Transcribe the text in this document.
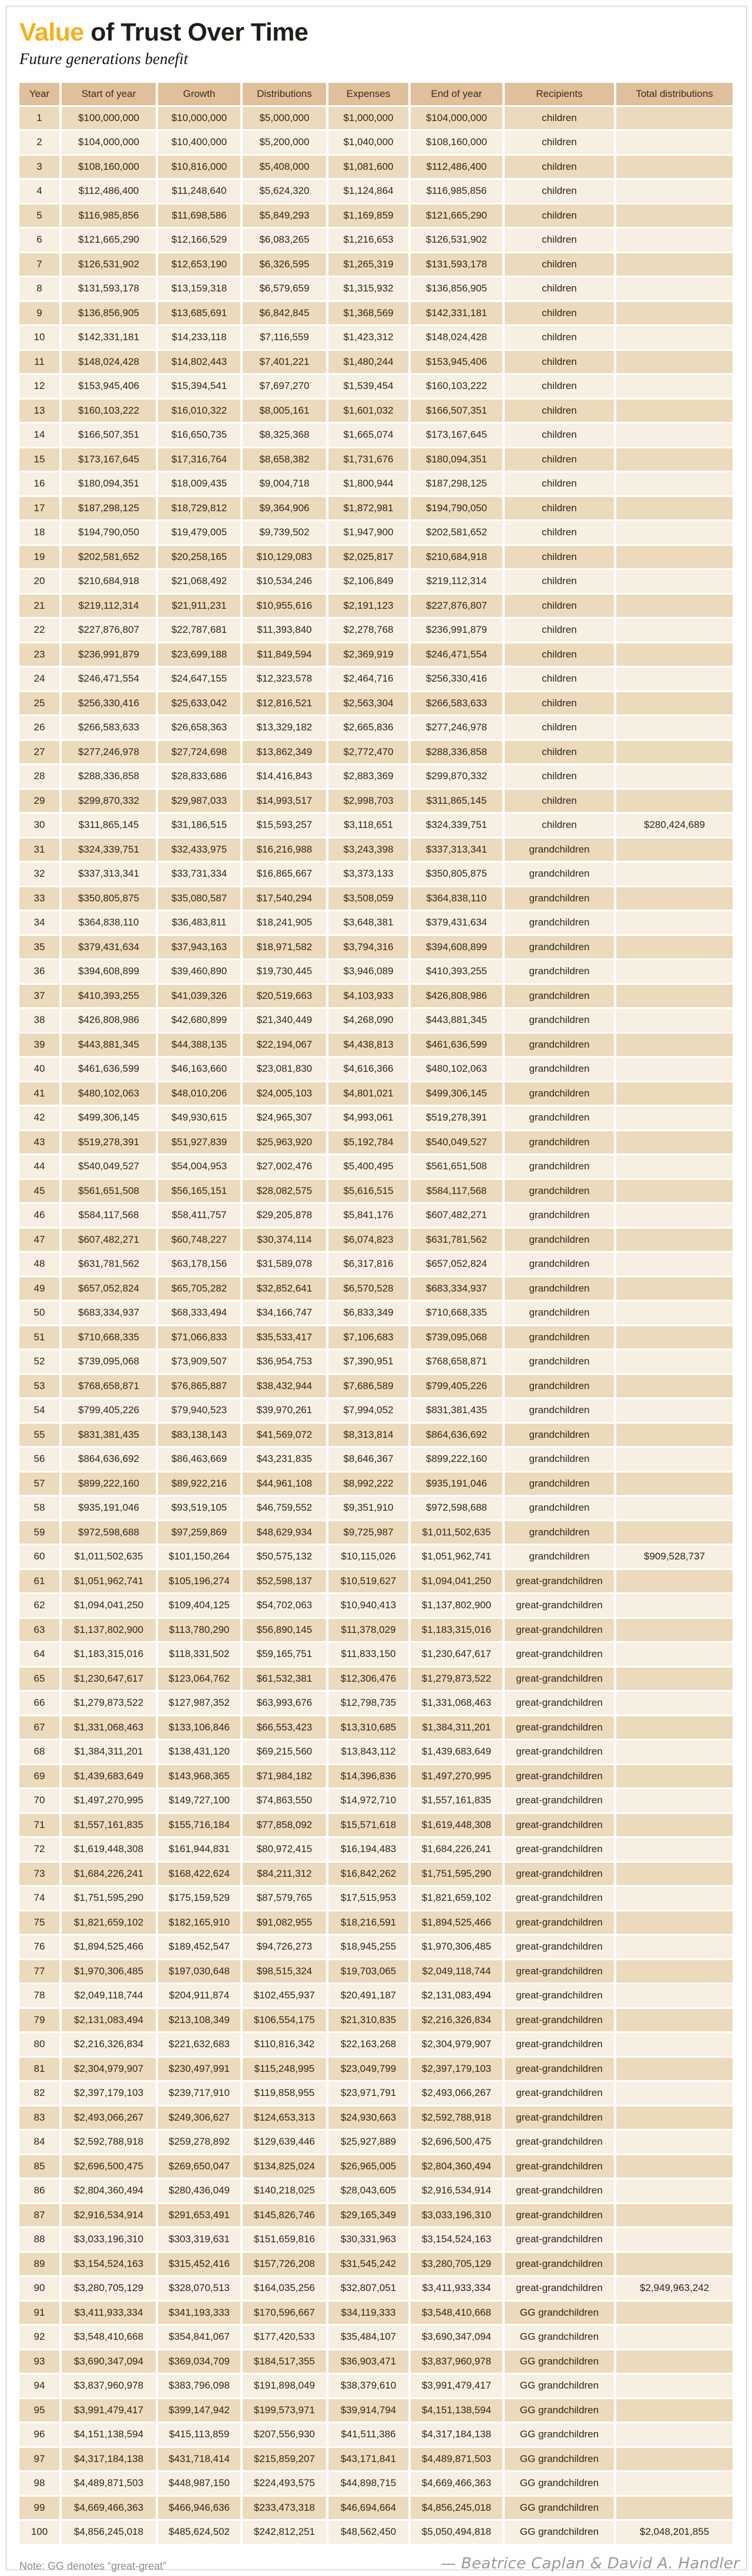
Value of Trust Over Time

Future generations benefit

Year	Start of year	Growth	Distributions	Expenses	End of year	Recipients	Total distributions
1	$100,000,000	$10,000,000	$5,000,000	$1,000,000	$104,000,000	children	
2	$104,000,000	$10,400,000	$5,200,000	$1,040,000	$108,160,000	children	
3	$108,160,000	$10,816,000	$5,408,000	$1,081,600	$112,486,400	children	
4	$112,486,400	$11,248,640	$5,624,320	$1,124,864	$116,985,856	children	
5	$116,985,856	$11,698,586	$5,849,293	$1,169,859	$121,665,290	children	
6	$121,665,290	$12,166,529	$6,083,265	$1,216,653	$126,531,902	children	
7	$126,531,902	$12,653,190	$6,326,595	$1,265,319	$131,593,178	children	
8	$131,593,178	$13,159,318	$6,579,659	$1,315,932	$136,856,905	children	
9	$136,856,905	$13,685,691	$6,842,845	$1,368,569	$142,331,181	children	
10	$142,331,181	$14,233,118	$7,116,559	$1,423,312	$148,024,428	children	
11	$148,024,428	$14,802,443	$7,401,221	$1,480,244	$153,945,406	children	
12	$153,945,406	$15,394,541	$7,697,270	$1,539,454	$160,103,222	children	
13	$160,103,222	$16,010,322	$8,005,161	$1,601,032	$166,507,351	children	
14	$166,507,351	$16,650,735	$8,325,368	$1,665,074	$173,167,645	children	
15	$173,167,645	$17,316,764	$8,658,382	$1,731,676	$180,094,351	children	
16	$180,094,351	$18,009,435	$9,004,718	$1,800,944	$187,298,125	children	
17	$187,298,125	$18,729,812	$9,364,906	$1,872,981	$194,790,050	children	
18	$194,790,050	$19,479,005	$9,739,502	$1,947,900	$202,581,652	children	
19	$202,581,652	$20,258,165	$10,129,083	$2,025,817	$210,684,918	children	
20	$210,684,918	$21,068,492	$10,534,246	$2,106,849	$219,112,314	children	
21	$219,112,314	$21,911,231	$10,955,616	$2,191,123	$227,876,807	children	
22	$227,876,807	$22,787,681	$11,393,840	$2,278,768	$236,991,879	children	
23	$236,991,879	$23,699,188	$11,849,594	$2,369,919	$246,471,554	children	
24	$246,471,554	$24,647,155	$12,323,578	$2,464,716	$256,330,416	children	
25	$256,330,416	$25,633,042	$12,816,521	$2,563,304	$266,583,633	children	
26	$266,583,633	$26,658,363	$13,329,182	$2,665,836	$277,246,978	children	
27	$277,246,978	$27,724,698	$13,862,349	$2,772,470	$288,336,858	children	
28	$288,336,858	$28,833,686	$14,416,843	$2,883,369	$299,870,332	children	
29	$299,870,332	$29,987,033	$14,993,517	$2,998,703	$311,865,145	children	
30	$311,865,145	$31,186,515	$15,593,257	$3,118,651	$324,339,751	children	$280,424,689
31	$324,339,751	$32,433,975	$16,216,988	$3,243,398	$337,313,341	grandchildren	
32	$337,313,341	$33,731,334	$16,865,667	$3,373,133	$350,805,875	grandchildren	
33	$350,805,875	$35,080,587	$17,540,294	$3,508,059	$364,838,110	grandchildren	
34	$364,838,110	$36,483,811	$18,241,905	$3,648,381	$379,431,634	grandchildren	
35	$379,431,634	$37,943,163	$18,971,582	$3,794,316	$394,608,899	grandchildren	
36	$394,608,899	$39,460,890	$19,730,445	$3,946,089	$410,393,255	grandchildren	
37	$410,393,255	$41,039,326	$20,519,663	$4,103,933	$426,808,986	grandchildren	
38	$426,808,986	$42,680,899	$21,340,449	$4,268,090	$443,881,345	grandchildren	
39	$443,881,345	$44,388,135	$22,194,067	$4,438,813	$461,636,599	grandchildren	
40	$461,636,599	$46,163,660	$23,081,830	$4,616,366	$480,102,063	grandchildren	
41	$480,102,063	$48,010,206	$24,005,103	$4,801,021	$499,306,145	grandchildren	
42	$499,306,145	$49,930,615	$24,965,307	$4,993,061	$519,278,391	grandchildren	
43	$519,278,391	$51,927,839	$25,963,920	$5,192,784	$540,049,527	grandchildren	
44	$540,049,527	$54,004,953	$27,002,476	$5,400,495	$561,651,508	grandchildren	
45	$561,651,508	$56,165,151	$28,082,575	$5,616,515	$584,117,568	grandchildren	
46	$584,117,568	$58,411,757	$29,205,878	$5,841,176	$607,482,271	grandchildren	
47	$607,482,271	$60,748,227	$30,374,114	$6,074,823	$631,781,562	grandchildren	
48	$631,781,562	$63,178,156	$31,589,078	$6,317,816	$657,052,824	grandchildren	
49	$657,052,824	$65,705,282	$32,852,641	$6,570,528	$683,334,937	grandchildren	
50	$683,334,937	$68,333,494	$34,166,747	$6,833,349	$710,668,335	grandchildren	
51	$710,668,335	$71,066,833	$35,533,417	$7,106,683	$739,095,068	grandchildren	
52	$739,095,068	$73,909,507	$36,954,753	$7,390,951	$768,658,871	grandchildren	
53	$768,658,871	$76,865,887	$38,432,944	$7,686,589	$799,405,226	grandchildren	
54	$799,405,226	$79,940,523	$39,970,261	$7,994,052	$831,381,435	grandchildren	
55	$831,381,435	$83,138,143	$41,569,072	$8,313,814	$864,636,692	grandchildren	
56	$864,636,692	$86,463,669	$43,231,835	$8,646,367	$899,222,160	grandchildren	
57	$899,222,160	$89,922,216	$44,961,108	$8,992,222	$935,191,046	grandchildren	
58	$935,191,046	$93,519,105	$46,759,552	$9,351,910	$972,598,688	grandchildren	
59	$972,598,688	$97,259,869	$48,629,934	$9,725,987	$1,011,502,635	grandchildren	
60	$1,011,502,635	$101,150,264	$50,575,132	$10,115,026	$1,051,962,741	grandchildren	$909,528,737
61	$1,051,962,741	$105,196,274	$52,598,137	$10,519,627	$1,094,041,250	great-grandchildren	
62	$1,094,041,250	$109,404,125	$54,702,063	$10,940,413	$1,137,802,900	great-grandchildren	
63	$1,137,802,900	$113,780,290	$56,890,145	$11,378,029	$1,183,315,016	great-grandchildren	
64	$1,183,315,016	$118,331,502	$59,165,751	$11,833,150	$1,230,647,617	great-grandchildren	
65	$1,230,647,617	$123,064,762	$61,532,381	$12,306,476	$1,279,873,522	great-grandchildren	
66	$1,279,873,522	$127,987,352	$63,993,676	$12,798,735	$1,331,068,463	great-grandchildren	
67	$1,331,068,463	$133,106,846	$66,553,423	$13,310,685	$1,384,311,201	great-grandchildren	
68	$1,384,311,201	$138,431,120	$69,215,560	$13,843,112	$1,439,683,649	great-grandchildren	
69	$1,439,683,649	$143,968,365	$71,984,182	$14,396,836	$1,497,270,995	great-grandchildren	
70	$1,497,270,995	$149,727,100	$74,863,550	$14,972,710	$1,557,161,835	great-grandchildren	
71	$1,557,161,835	$155,716,184	$77,858,092	$15,571,618	$1,619,448,308	great-grandchildren	
72	$1,619,448,308	$161,944,831	$80,972,415	$16,194,483	$1,684,226,241	great-grandchildren	
73	$1,684,226,241	$168,422,624	$84,211,312	$16,842,262	$1,751,595,290	great-grandchildren	
74	$1,751,595,290	$175,159,529	$87,579,765	$17,515,953	$1,821,659,102	great-grandchildren	
75	$1,821,659,102	$182,165,910	$91,082,955	$18,216,591	$1,894,525,466	great-grandchildren	
76	$1,894,525,466	$189,452,547	$94,726,273	$18,945,255	$1,970,306,485	great-grandchildren	
77	$1,970,306,485	$197,030,648	$98,515,324	$19,703,065	$2,049,118,744	great-grandchildren	
78	$2,049,118,744	$204,911,874	$102,455,937	$20,491,187	$2,131,083,494	great-grandchildren	
79	$2,131,083,494	$213,108,349	$106,554,175	$21,310,835	$2,216,326,834	great-grandchildren	
80	$2,216,326,834	$221,632,683	$110,816,342	$22,163,268	$2,304,979,907	great-grandchildren	
81	$2,304,979,907	$230,497,991	$115,248,995	$23,049,799	$2,397,179,103	great-grandchildren	
82	$2,397,179,103	$239,717,910	$119,858,955	$23,971,791	$2,493,066,267	great-grandchildren	
83	$2,493,066,267	$249,306,627	$124,653,313	$24,930,663	$2,592,788,918	great-grandchildren	
84	$2,592,788,918	$259,278,892	$129,639,446	$25,927,889	$2,696,500,475	great-grandchildren	
85	$2,696,500,475	$269,650,047	$134,825,024	$26,965,005	$2,804,360,494	great-grandchildren	
86	$2,804,360,494	$280,436,049	$140,218,025	$28,043,605	$2,916,534,914	great-grandchildren	
87	$2,916,534,914	$291,653,491	$145,826,746	$29,165,349	$3,033,196,310	great-grandchildren	
88	$3,033,196,310	$303,319,631	$151,659,816	$30,331,963	$3,154,524,163	great-grandchildren	
89	$3,154,524,163	$315,452,416	$157,726,208	$31,545,242	$3,280,705,129	great-grandchildren	
90	$3,280,705,129	$328,070,513	$164,035,256	$32,807,051	$3,411,933,334	great-grandchildren	$2,949,963,242
91	$3,411,933,334	$341,193,333	$170,596,667	$34,119,333	$3,548,410,668	GG grandchildren	
92	$3,548,410,668	$354,841,067	$177,420,533	$35,484,107	$3,690,347,094	GG grandchildren	
93	$3,690,347,094	$369,034,709	$184,517,355	$36,903,471	$3,837,960,978	GG grandchildren	
94	$3,837,960,978	$383,796,098	$191,898,049	$38,379,610	$3,991,479,417	GG grandchildren	
95	$3,991,479,417	$399,147,942	$199,573,971	$39,914,794	$4,151,138,594	GG grandchildren	
96	$4,151,138,594	$415,113,859	$207,556,930	$41,511,386	$4,317,184,138	GG grandchildren	
97	$4,317,184,138	$431,718,414	$215,859,207	$43,171,841	$4,489,871,503	GG grandchildren	
98	$4,489,871,503	$448,987,150	$224,493,575	$44,898,715	$4,669,466,363	GG grandchildren	
99	$4,669,466,363	$466,946,636	$233,473,318	$46,694,664	$4,856,245,018	GG grandchildren	
100	$4,856,245,018	$485,624,502	$242,812,251	$48,562,450	$5,050,494,818	GG grandchildren	$2,048,201,855
Note: GG denotes “great-great”	— Beatrice Caplan & David A. Handler
